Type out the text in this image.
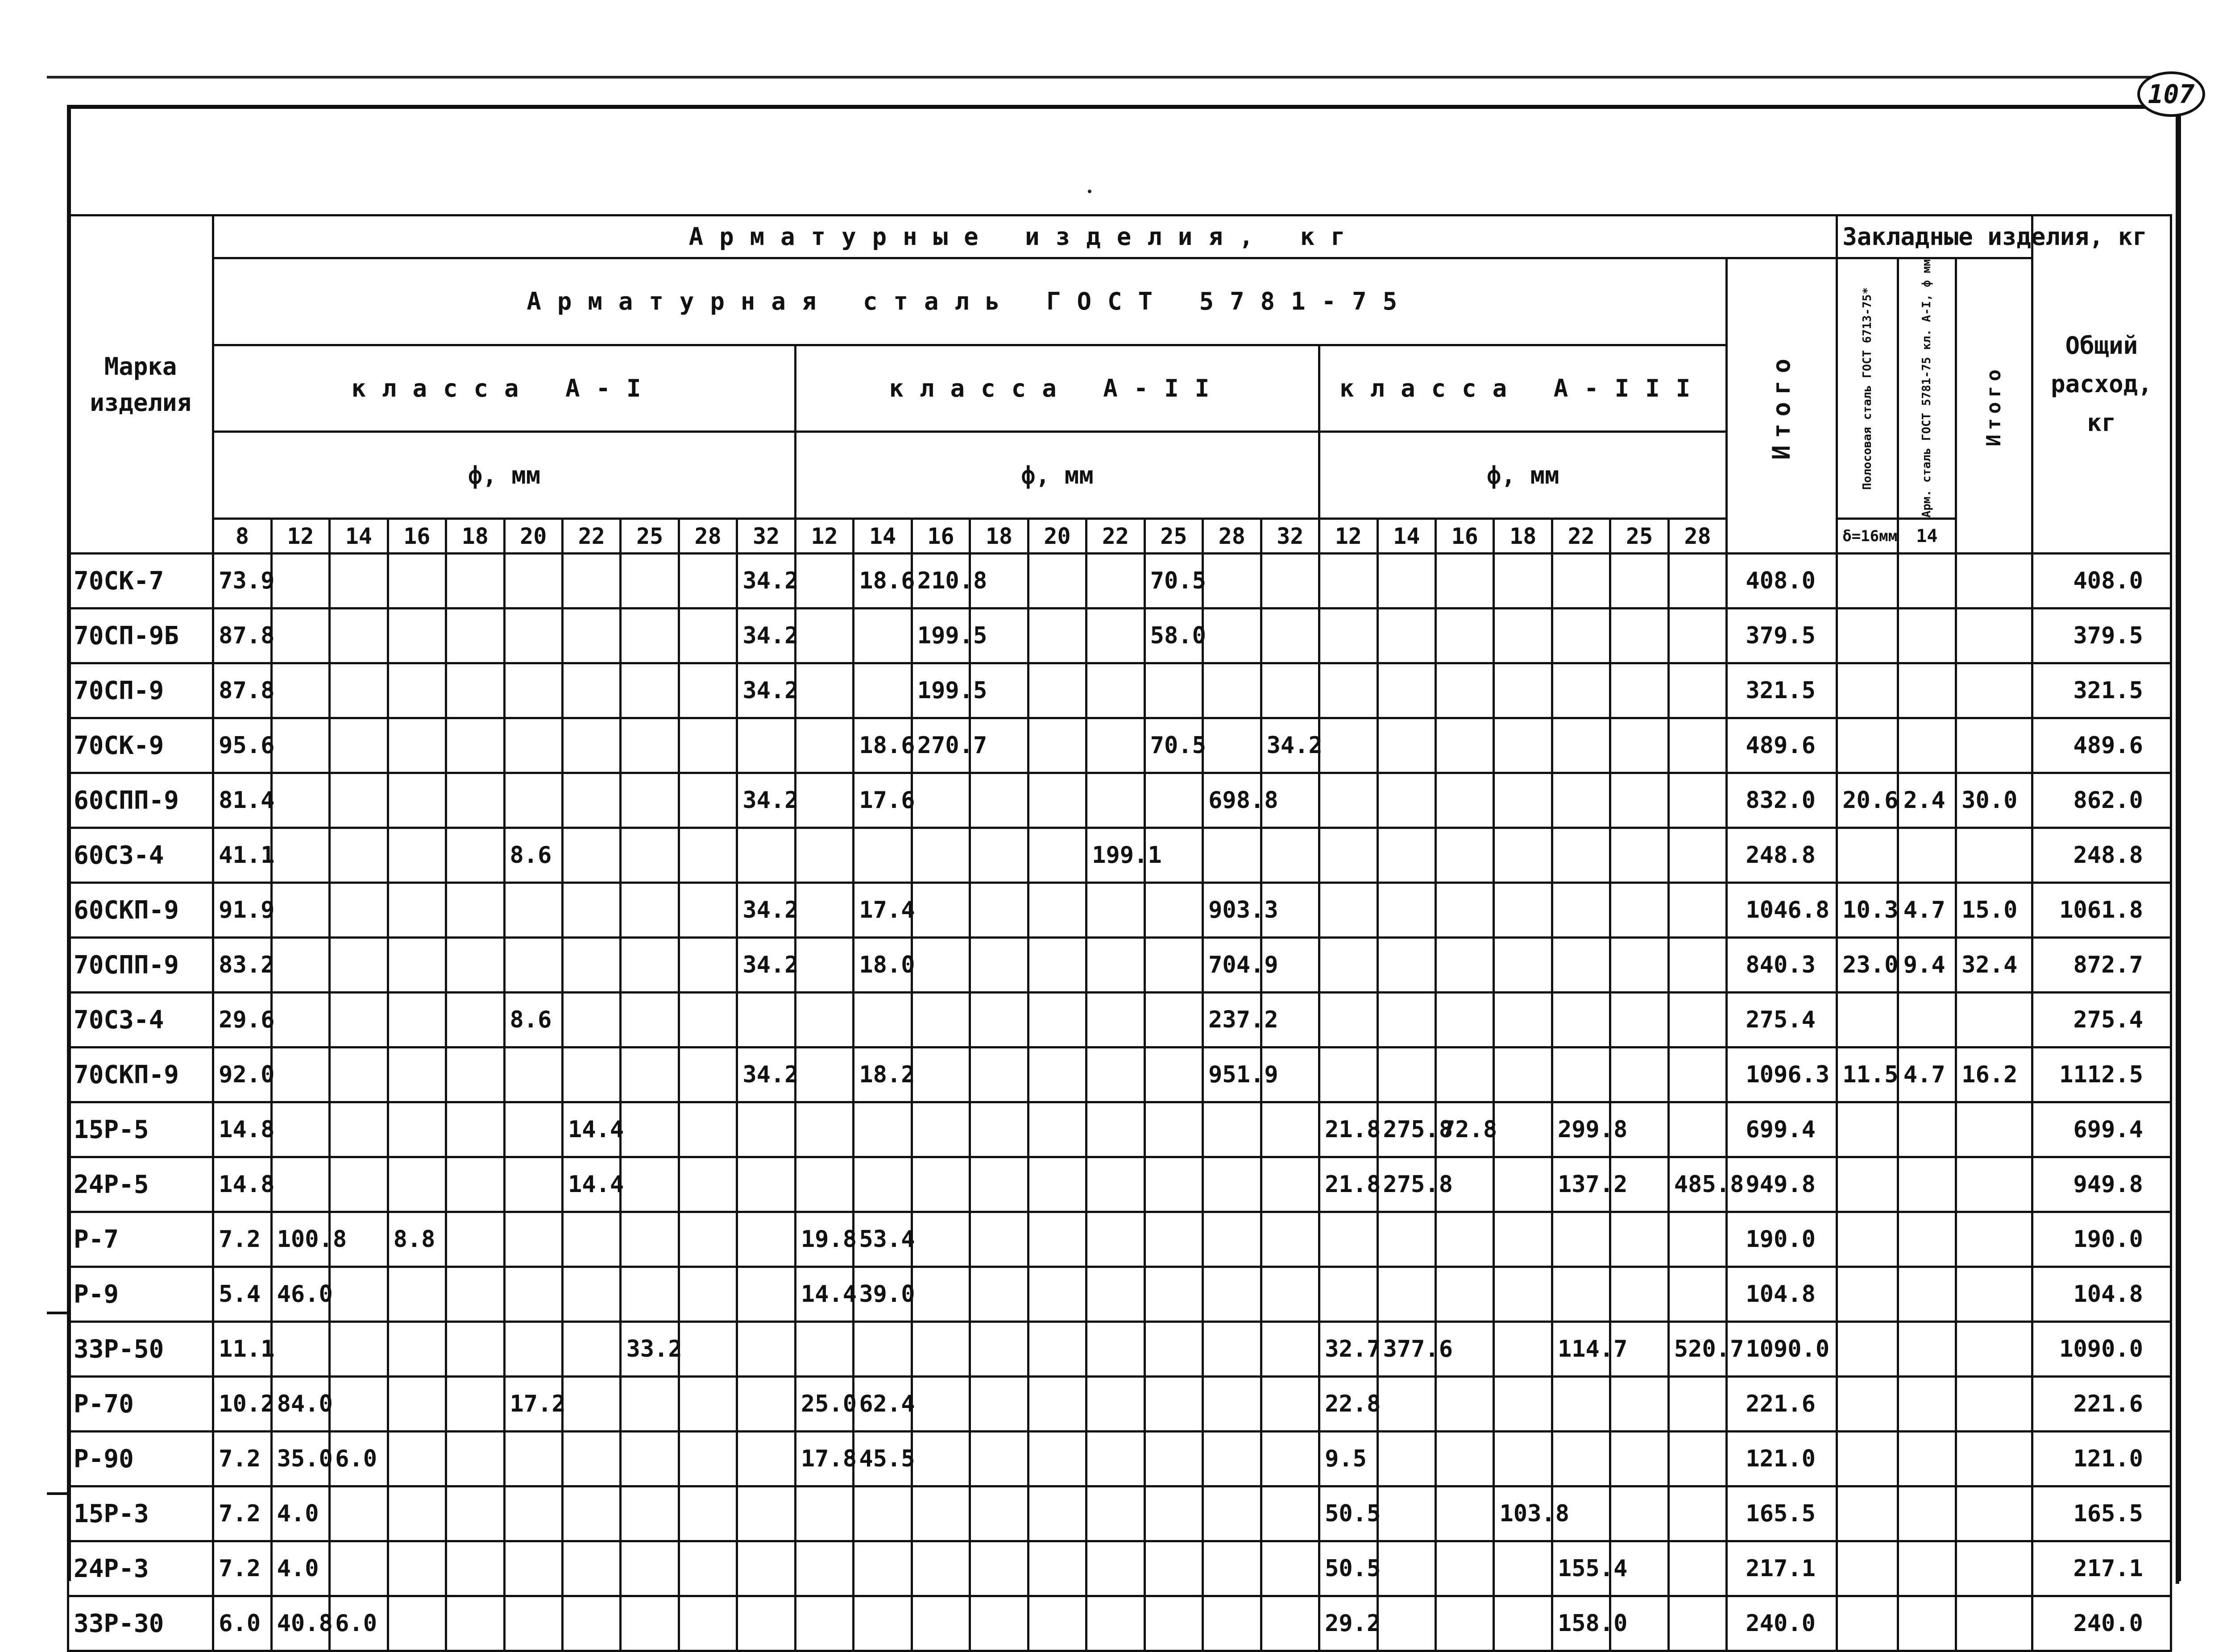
107
Марка изделия	Арматурные изделия, кг																											Закладные изделия, кг			Общий расход, кг
	Арматурная сталь ГОСТ 5781-75																										Итого	Полосовая сталь ГОСТ 6713-75*	Арм. сталь ГОСТ 5781-75 кл. А-I, ф мм	Итого	

	класса А-I										класса А-II									класса А-III											
	ф, мм										ф, мм									ф, мм											
	8	12	14	16	18	20	22	25	28	32	12	14	16	18	20	22	25	28	32	12	14	16	18	22	25	28		δ=16мм	14		
70СК-7	73.9									34.2		18.6	210.8				70.5										408.0				408.0
70СП-9Б	87.8									34.2			199.5				58.0										379.5				379.5
70СП-9	87.8									34.2			199.5														321.5				321.5
70СК-9	95.6											18.6	270.7				70.5		34.2								489.6				489.6
60СПП-9	81.4									34.2		17.6						698.8									832.0	20.6	2.4	30.0	862.0
60СЗ-4	41.1					8.6										199.1											248.8				248.8
60СКП-9	91.9									34.2		17.4						903.3									1046.8	10.3	4.7	15.0	1061.8
70СПП-9	83.2									34.2		18.0						704.9									840.3	23.0	9.4	32.4	872.7
70СЗ-4	29.6					8.6												237.2									275.4				275.4
70СКП-9	92.0									34.2		18.2						951.9									1096.3	11.5	4.7	16.2	1112.5
15Р-5	14.8						14.4													21.8	275.8	72.8		299.8			699.4				699.4
24Р-5	14.8						14.4													21.8	275.8			137.2		485.8	949.8				949.8
Р-7	7.2	100.8		8.8							19.8	53.4															190.0				190.0
Р-9	5.4	46.0									14.4	39.0															104.8				104.8
33Р-50	11.1							33.2												32.7	377.6			114.7		520.7	1090.0				1090.0
Р-70	10.2	84.0				17.2					25.0	62.4								22.8							221.6				221.6
Р-90	7.2	35.0	6.0								17.8	45.5								9.5							121.0				121.0
15Р-3	7.2	4.0																		50.5			103.8				165.5				165.5
24Р-3	7.2	4.0																		50.5				155.4			217.1				217.1
33Р-30	6.0	40.8	6.0																	29.2				158.0			240.0				240.0
